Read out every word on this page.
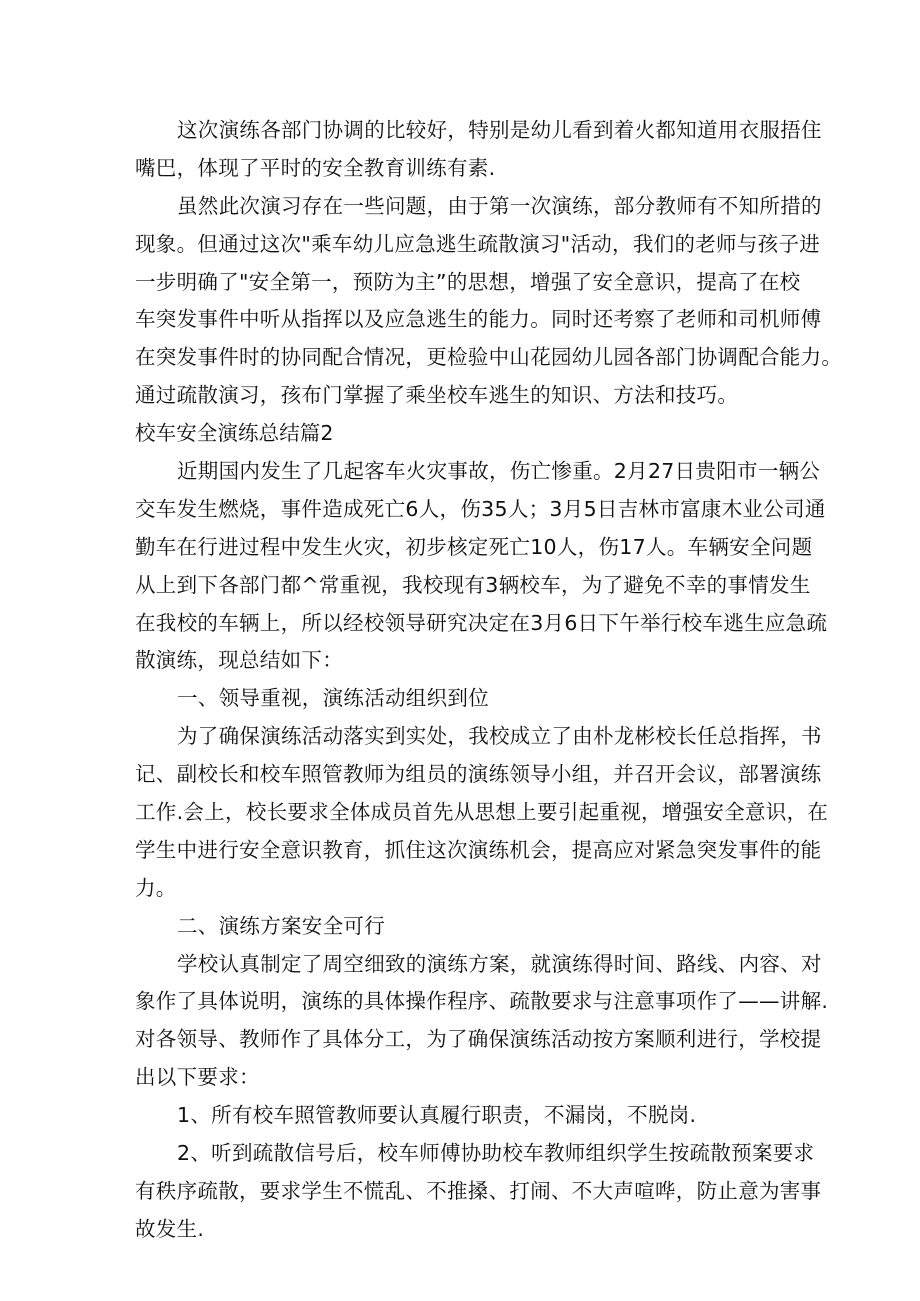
这次演练各部门协调的比较好，特别是幼儿看到着火都知道用衣服捂住
嘴巴，体现了平时的安全教育训练有素.
虽然此次演习存在一些问题，由于第一次演练，部分教师有不知所措的
现象。但通过这次"乘车幼儿应急逃生疏散演习"活动，我们的老师与孩子进
一步明确了"安全第一，预防为主”的思想，增强了安全意识，提高了在校
车突发事件中听从指挥以及应急逃生的能力。同时还考察了老师和司机师傅
在突发事件时的协同配合情况，更检验中山花园幼儿园各部门协调配合能力。
通过疏散演习，孩布门掌握了乘坐校车逃生的知识、方法和技巧。
校车安全演练总结篇2
近期国内发生了几起客车火灾事故，伤亡惨重。2月27日贵阳市一辆公
交车发生燃烧，事件造成死亡6人，伤35人；3月5日吉林市富康木业公司通
勤车在行进过程中发生火灾，初步核定死亡10人，伤17人。车辆安全问题
从上到下各部门都^常重视，我校现有3辆校车，为了避免不幸的事情发生
在我校的车辆上，所以经校领导研究决定在3月6日下午举行校车逃生应急疏
散演练，现总结如下：
一、领导重视，演练活动组织到位
为了确保演练活动落实到实处，我校成立了由朴龙彬校长任总指挥，书
记、副校长和校车照管教师为组员的演练领导小组，并召开会议，部署演练
工作.会上，校长要求全体成员首先从思想上要引起重视，增强安全意识，在
学生中进行安全意识教育，抓住这次演练机会，提高应对紧急突发事件的能
力。
二、演练方案安全可行
学校认真制定了周空细致的演练方案，就演练得时间、路线、内容、对
象作了具体说明，演练的具体操作程序、疏散要求与注意事项作了——讲解.
对各领导、教师作了具体分工，为了确保演练活动按方案顺利进行，学校提
出以下要求：
1、所有校车照管教师要认真履行职责，不漏岗，不脱岗.
2、听到疏散信号后，校车师傅协助校车教师组织学生按疏散预案要求
有秩序疏散，要求学生不慌乱、不推搡、打闹、不大声喧哗，防止意为害事
故发生.
